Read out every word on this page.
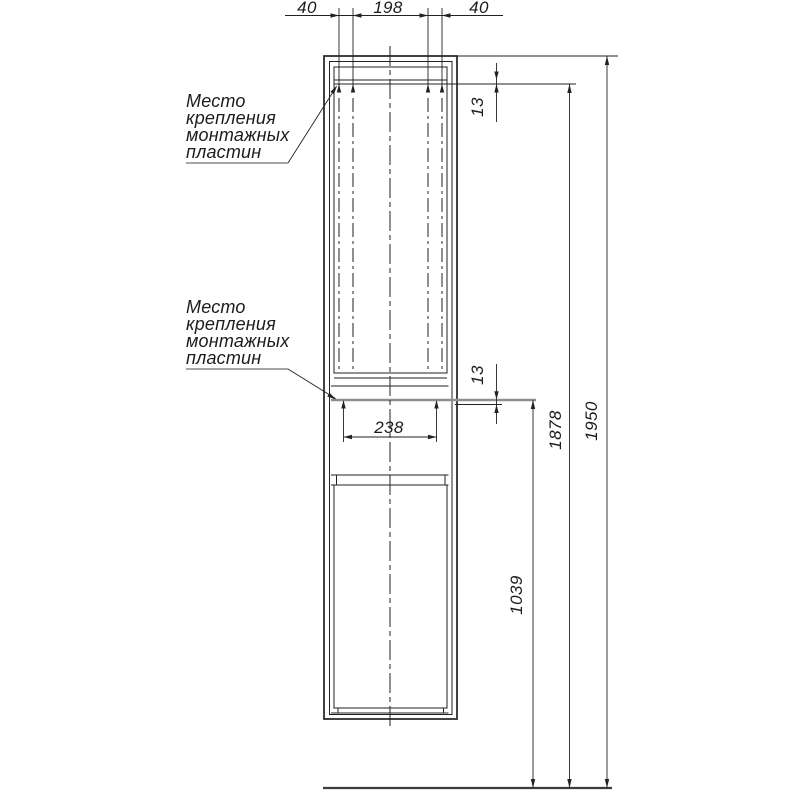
40	198	40
238
13
13
1039
1878 1950
Место
крепления
монтажных
пластин
Место
крепления
монтажных
пластин
